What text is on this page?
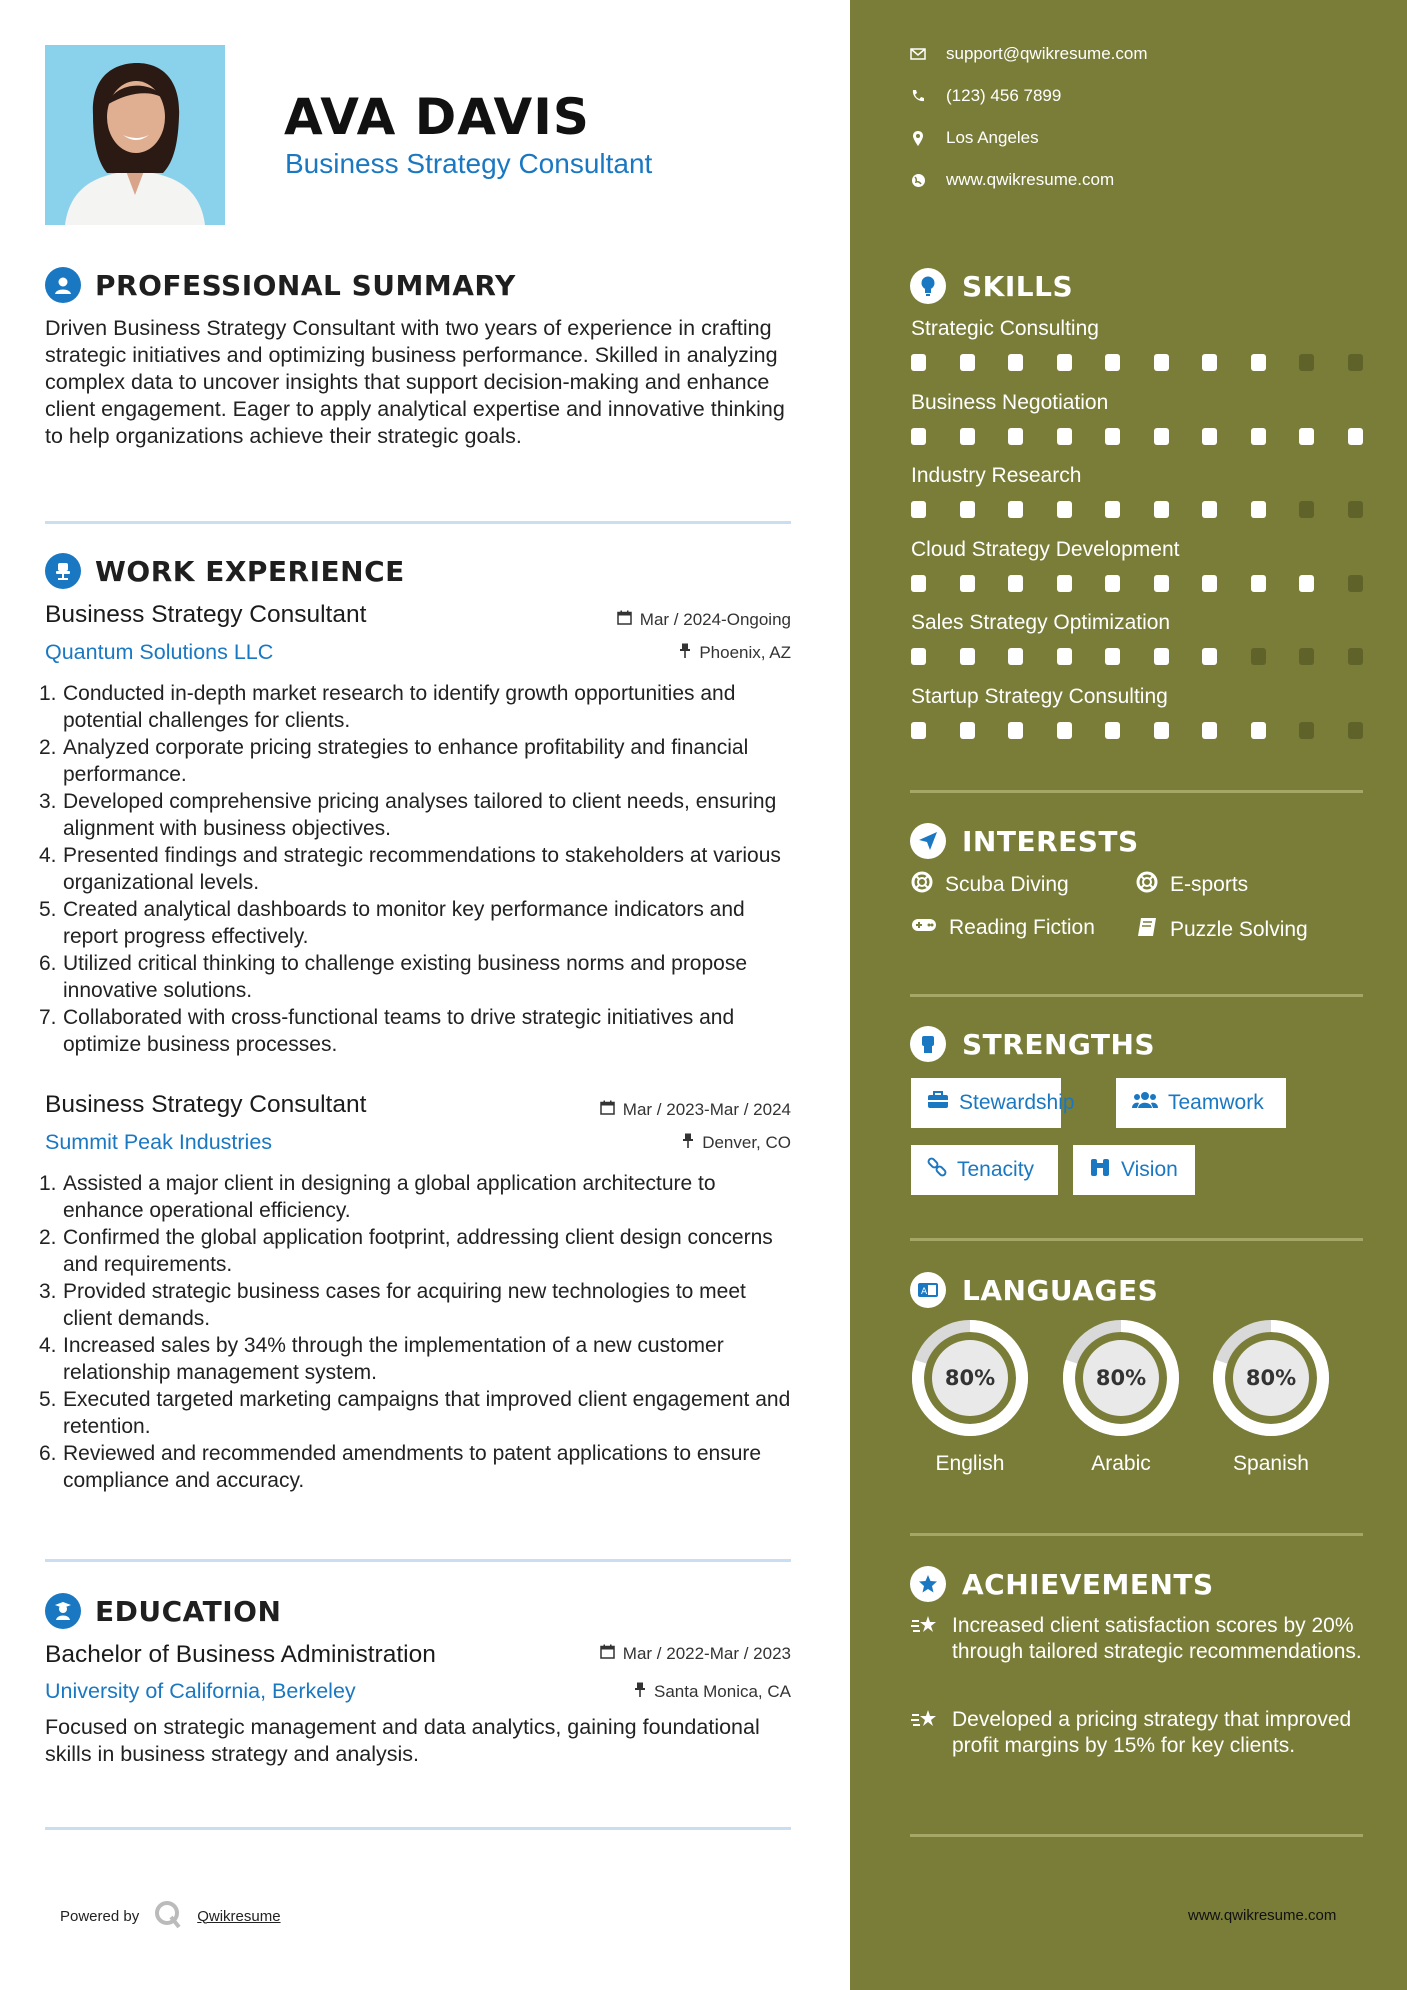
AVA DAVIS
Business Strategy Consultant
PROFESSIONAL SUMMARY
Driven Business Strategy Consultant with two years of experience in crafting strategic initiatives and optimizing business performance. Skilled in analyzing complex data to uncover insights that support decision-making and enhance client engagement. Eager to apply analytical expertise and innovative thinking to help organizations achieve their strategic goals.
WORK EXPERIENCE
Business Strategy Consultant	Mar / 2024-Ongoing
Quantum Solutions LLC	Phoenix, AZ
1. Conducted in-depth market research to identify growth opportunities and potential challenges for clients.
2. Analyzed corporate pricing strategies to enhance profitability and financial performance.
3. Developed comprehensive pricing analyses tailored to client needs, ensuring alignment with business objectives.
4. Presented findings and strategic recommendations to stakeholders at various organizational levels.
5. Created analytical dashboards to monitor key performance indicators and report progress effectively.
6. Utilized critical thinking to challenge existing business norms and propose innovative solutions.
7. Collaborated with cross-functional teams to drive strategic initiatives and optimize business processes.
Business Strategy Consultant	Mar / 2023-Mar / 2024
Summit Peak Industries	Denver, CO
1. Assisted a major client in designing a global application architecture to enhance operational efficiency.
2. Confirmed the global application footprint, addressing client design concerns and requirements.
3. Provided strategic business cases for acquiring new technologies to meet client demands.
4. Increased sales by 34% through the implementation of a new customer relationship management system.
5. Executed targeted marketing campaigns that improved client engagement and retention.
6. Reviewed and recommended amendments to patent applications to ensure compliance and accuracy.
EDUCATION
Bachelor of Business Administration	Mar / 2022-Mar / 2023
University of California, Berkeley	Santa Monica, CA
Focused on strategic management and data analytics, gaining foundational skills in business strategy and analysis.
Powered by	Qwikresume
support@qwikresume.com
(123) 456 7899
Los Angeles
www.qwikresume.com
SKILLS
Strategic Consulting
Business Negotiation
Industry Research
Cloud Strategy Development
Sales Strategy Optimization
Startup Strategy Consulting
INTERESTS
Scuba Diving	E-sports
Reading Fiction	Puzzle Solving
STRENGTHS
Stewardship	Teamwork
Tenacity	Vision
A LANGUAGES
80%
English
80%
Arabic
80%
Spanish
ACHIEVEMENTS
Increased client satisfaction scores by 20% through tailored strategic recommendations.
Developed a pricing strategy that improved profit margins by 15% for key clients.
www.qwikresume.com
